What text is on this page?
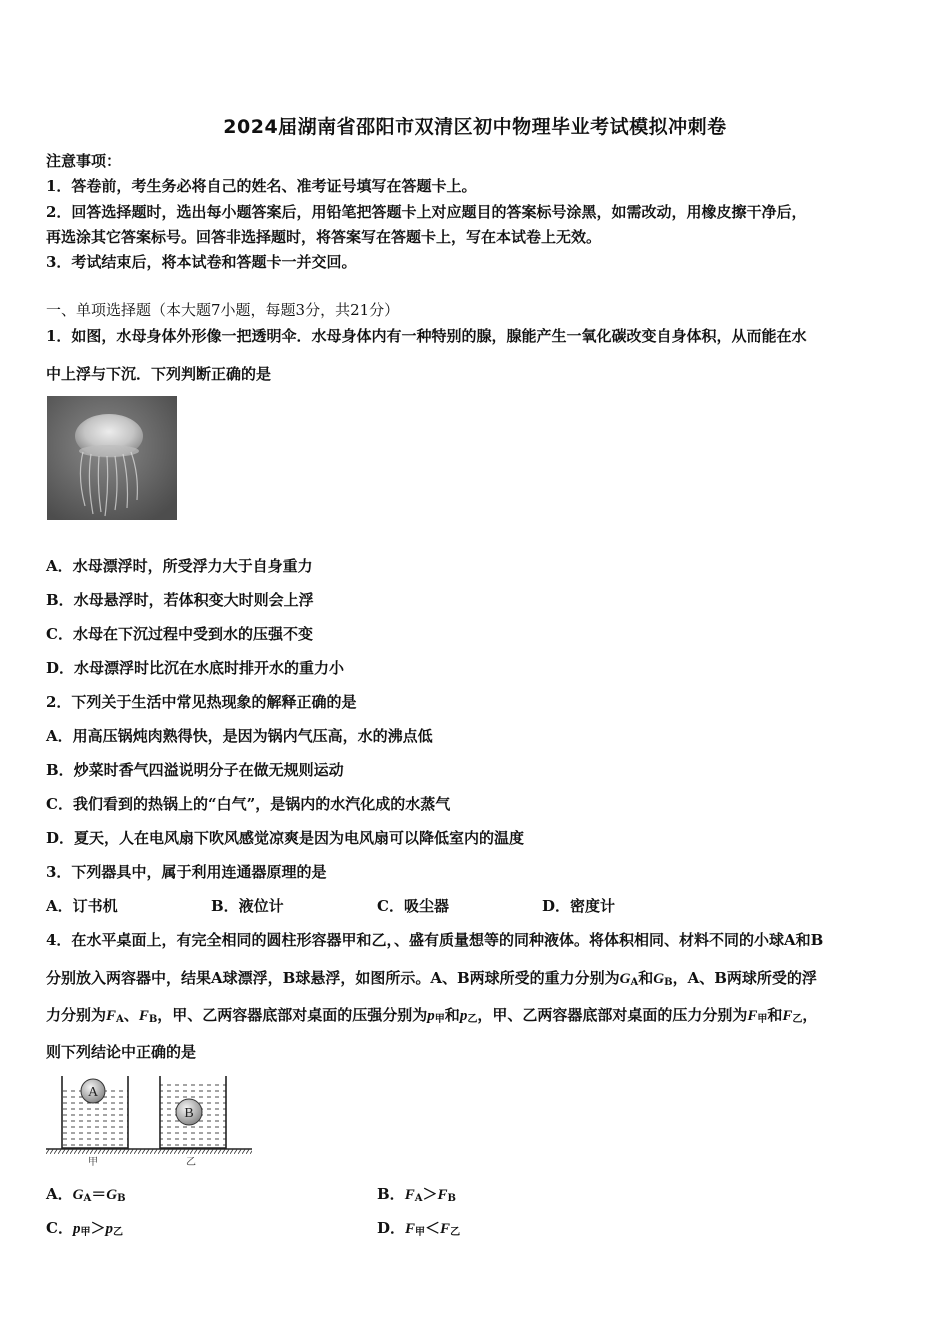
2024届湖南省邵阳市双清区初中物理毕业考试模拟冲刺卷
注意事项：
1．答卷前，考生务必将自己的姓名、准考证号填写在答题卡上。
2．回答选择题时，选出每小题答案后，用铅笔把答题卡上对应题目的答案标号涂黑，如需改动，用橡皮擦干净后，
再选涂其它答案标号。回答非选择题时，将答案写在答题卡上，写在本试卷上无效。
3．考试结束后，将本试卷和答题卡一并交回。
一、单项选择题（本大题7小题，每题3分，共21分）
1．如图，水母身体外形像一把透明伞．水母身体内有一种特别的腺，腺能产生一氧化碳改变自身体积，从而能在水
中上浮与下沉．下列判断正确的是
A．水母漂浮时，所受浮力大于自身重力
B．水母悬浮时，若体积变大时则会上浮
C．水母在下沉过程中受到水的压强不变
D．水母漂浮时比沉在水底时排开水的重力小
2．下列关于生活中常见热现象的解释正确的是
A．用高压锅炖肉熟得快，是因为锅内气压高，水的沸点低
B．炒菜时香气四溢说明分子在做无规则运动
C．我们看到的热锅上的“白气”，是锅内的水汽化成的水蒸气
D．夏天，人在电风扇下吹风感觉凉爽是因为电风扇可以降低室内的温度
3．下列器具中，属于利用连通器原理的是
A．订书机	B．液位计	C．吸尘器	D．密度计
4．在水平桌面上，有完全相同的圆柱形容器甲和乙，、盛有质量想等的同种液体。将体积相同、材料不同的小球A和B
分别放入两容器中，结果A球漂浮，B球悬浮，如图所示。A、B两球所受的重力分别为$G_A$和$G_B$，A、B两球所受的浮
力分别为$F_A$、$F_B$，甲、乙两容器底部对桌面的压强分别为$p_甲$和$p_乙$，甲、乙两容器底部对桌面的压力分别为$F_甲$和$F_乙$，
则下列结论中正确的是
A
B
甲	乙
A．$G_A=G_B$	B．$F_A>F_B$
C．$p_甲>p_乙$	D．$F_甲<F_乙$
